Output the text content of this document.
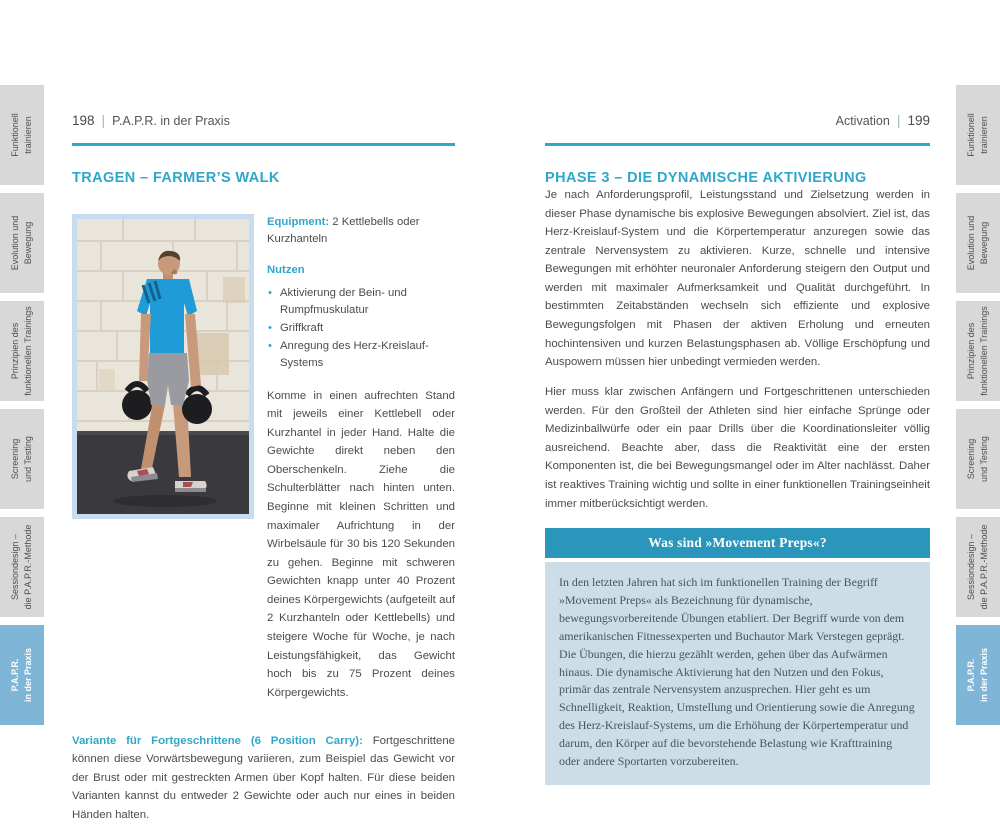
Funktionell trainieren
Evolution und Bewegung
Prinzipien des funktionellen Trainings
Screening und Testing
Sessiondesign – die P.A.P.R.-Methode
P.A.P.R. in der Praxis
Funktionell trainieren
Evolution und Bewegung
Prinzipien des funktionellen Trainings
Screening und Testing
Sessiondesign – die P.A.P.R.-Methode
P.A.P.R. in der Praxis
198 | P.A.P.R. in der Praxis
TRAGEN – FARMER’S WALK

Equipment: 2 Kettlebells oder Kurzhanteln

Nutzen

• Aktivierung der Bein- und Rumpfmuskulatur
• Griffkraft
• Anregung des Herz-Kreislauf-Systems

Komme in einen aufrechten Stand mit jeweils einer Kettlebell oder Kurzhantel in jeder Hand. Halte die Gewichte direkt neben den Oberschenkeln. Ziehe die Schulterblätter nach hinten unten. Beginne mit kleinen Schritten und maximaler Aufrichtung in der Wirbelsäule für 30 bis 120 Sekunden zu gehen. Beginne mit schweren Gewichten knapp unter 40 Prozent deines Körpergewichts (aufgeteilt auf 2 Kurzhanteln oder Kettlebells) und steigere Woche für Woche, je nach Leistungsfähigkeit, das Gewicht hoch bis zu 75 Prozent deines Körpergewichts.

Variante für Fortgeschrittene (6 Position Carry): Fortgeschrittene können diese Vorwärtsbewegung variieren, zum Beispiel das Gewicht vor der Brust oder mit gestreckten Armen über Kopf halten. Für diese beiden Varianten kannst du entweder 2 Gewichte oder auch nur eines in beiden Händen halten.

Activation | 199
PHASE 3 – DIE DYNAMISCHE AKTIVIERUNG

Je nach Anforderungsprofil, Leistungsstand und Zielsetzung werden in dieser Phase dynamische bis explosive Bewegungen absolviert. Ziel ist, das Herz-Kreislauf-System und die Körpertemperatur anzuregen sowie das zentrale Nervensystem zu aktivieren. Kurze, schnelle und intensive Bewegungen mit erhöhter neuronaler Anforderung steigern den Output und werden mit maximaler Aufmerksamkeit und Qualität durchgeführt. In bestimmten Zeitabständen wechseln sich effiziente und explosive Bewegungsfolgen mit Phasen der aktiven Erholung und erneuten hochintensiven und kurzen Belastungsphasen ab. Völlige Erschöpfung und Auspowern müssen hier unbedingt vermieden werden.

Hier muss klar zwischen Anfängern und Fortgeschrittenen unterschieden werden. Für den Großteil der Athleten sind hier einfache Sprünge oder Medizinballwürfe oder ein paar Drills über die Koordinationsleiter völlig ausreichend. Beachte aber, dass die Reaktivität eine der ersten Komponenten ist, die bei Bewegungsmangel oder im Alter nachlässt. Daher ist reaktives Training wichtig und sollte in einer funktionellen Trainingseinheit immer mitberücksichtigt werden.

Was sind »Movement Preps«?
In den letzten Jahren hat sich im funktionellen Training der Begriff »Movement Preps« als Bezeichnung für dynamische, bewegungsvorbereitende Übungen etabliert. Der Begriff wurde von dem amerikanischen Fitnessexperten und Buchautor Mark Verstegen geprägt. Die Übungen, die hierzu gezählt werden, gehen über das Aufwärmen hinaus. Die dynamische Aktivierung hat den Nutzen und den Fokus, primär das zentrale Nervensystem anzusprechen. Hier geht es um Schnelligkeit, Reaktion, Umstellung und Orientierung sowie die Anregung des Herz-Kreislauf-Systems, um die Erhöhung der Körpertemperatur und darum, den Körper auf die bevorstehende Belastung wie Krafttraining oder andere Sportarten vorzubereiten.
